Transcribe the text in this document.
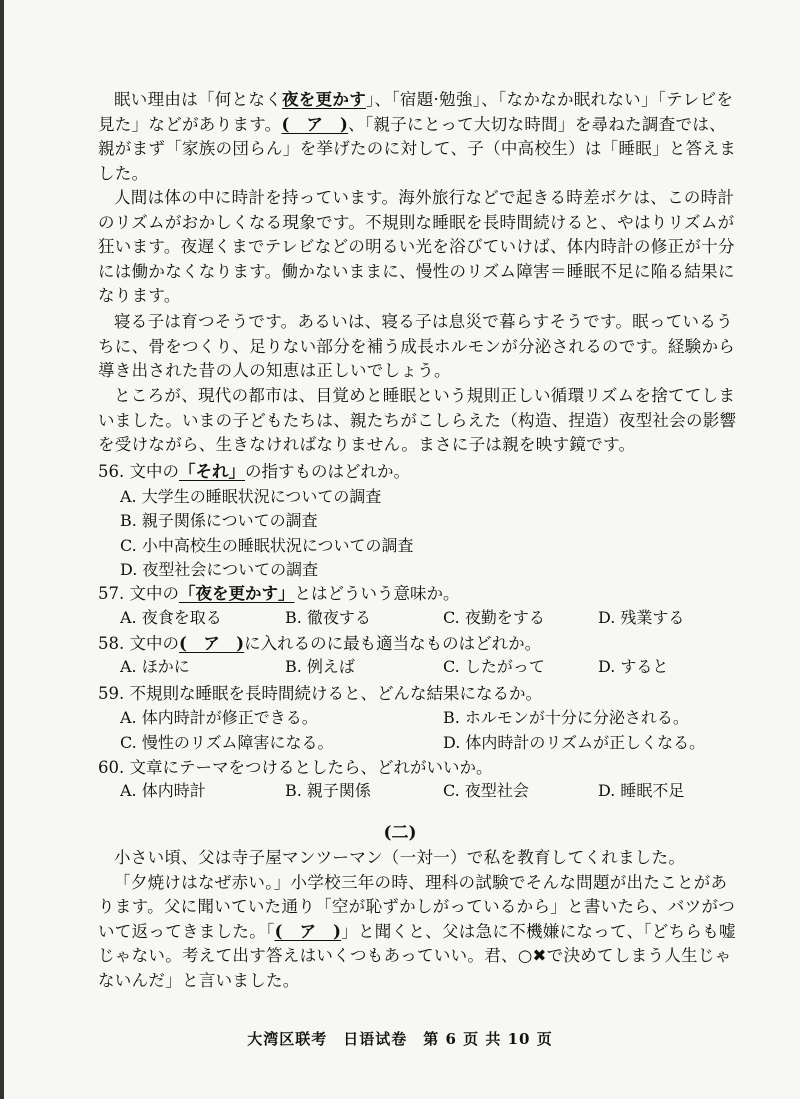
眠い理由は「何となく夜を更かす」、「宿題·勉強」、「なかなか眠れない」「テレビを
見た」などがあります。(　ア　)、「親子にとって大切な時間」を尋ねた調査では、
親がまず「家族の団らん」を挙げたのに対して、子（中高校生）は「睡眠」と答えま
した。
人間は体の中に時計を持っています。海外旅行などで起きる時差ボケは、この時計
のリズムがおかしくなる現象です。不規則な睡眠を長時間続けると、やはりリズムが
狂います。夜遅くまでテレビなどの明るい光を浴びていけば、体内時計の修正が十分
には働かなくなります。働かないままに、慢性のリズム障害＝睡眠不足に陥る結果に
なります。
寝る子は育つそうです。あるいは、寝る子は息災で暮らすそうです。眠っているう
ちに、骨をつくり、足りない部分を補う成長ホルモンが分泌されるのです。経験から
導き出された昔の人の知恵は正しいでしょう。
ところが、現代の都市は、目覚めと睡眠という規則正しい循環リズムを捨ててしま
いました。いまの子どもたちは、親たちがこしらえた（构造、捏造）夜型社会の影響
を受けながら、生きなければなりません。まさに子は親を映す鏡です。
56. 文中の「それ」の指すものはどれか。
A. 大学生の睡眠状況についての調査
B. 親子関係についての調査
C. 小中高校生の睡眠状況についての調査
D. 夜型社会についての調査
57. 文中の「夜を更かす」とはどういう意味か。
A. 夜食を取る	B. 徹夜する	C. 夜勤をする	D. 残業する
58. 文中の(　ア　)に入れるのに最も適当なものはどれか。
A. ほかに	B. 例えば	C. したがって	D. すると
59. 不規則な睡眠を長時間続けると、どんな結果になるか。
A. 体内時計が修正できる。	B. ホルモンが十分に分泌される。
C. 慢性のリズム障害になる。	D. 体内時計のリズムが正しくなる。
60. 文章にテーマをつけるとしたら、どれがいいか。
A. 体内時計	B. 親子関係	C. 夜型社会	D. 睡眠不足
(二)
小さい頃、父は寺子屋マンツーマン（一対一）で私を教育してくれました。
「夕焼けはなぜ赤い。」小学校三年の時、理科の試験でそんな問題が出たことがあ
ります。父に聞いていた通り「空が恥ずかしがっているから」と書いたら、バツがつ
いて返ってきました。「(　ア　)」と聞くと、父は急に不機嫌になって、「どちらも嘘
じゃない。考えて出す答えはいくつもあっていい。君、○✖で決めてしまう人生じゃ
ないんだ」と言いました。
大湾区联考　日语试卷　第 6 页 共 10 页
